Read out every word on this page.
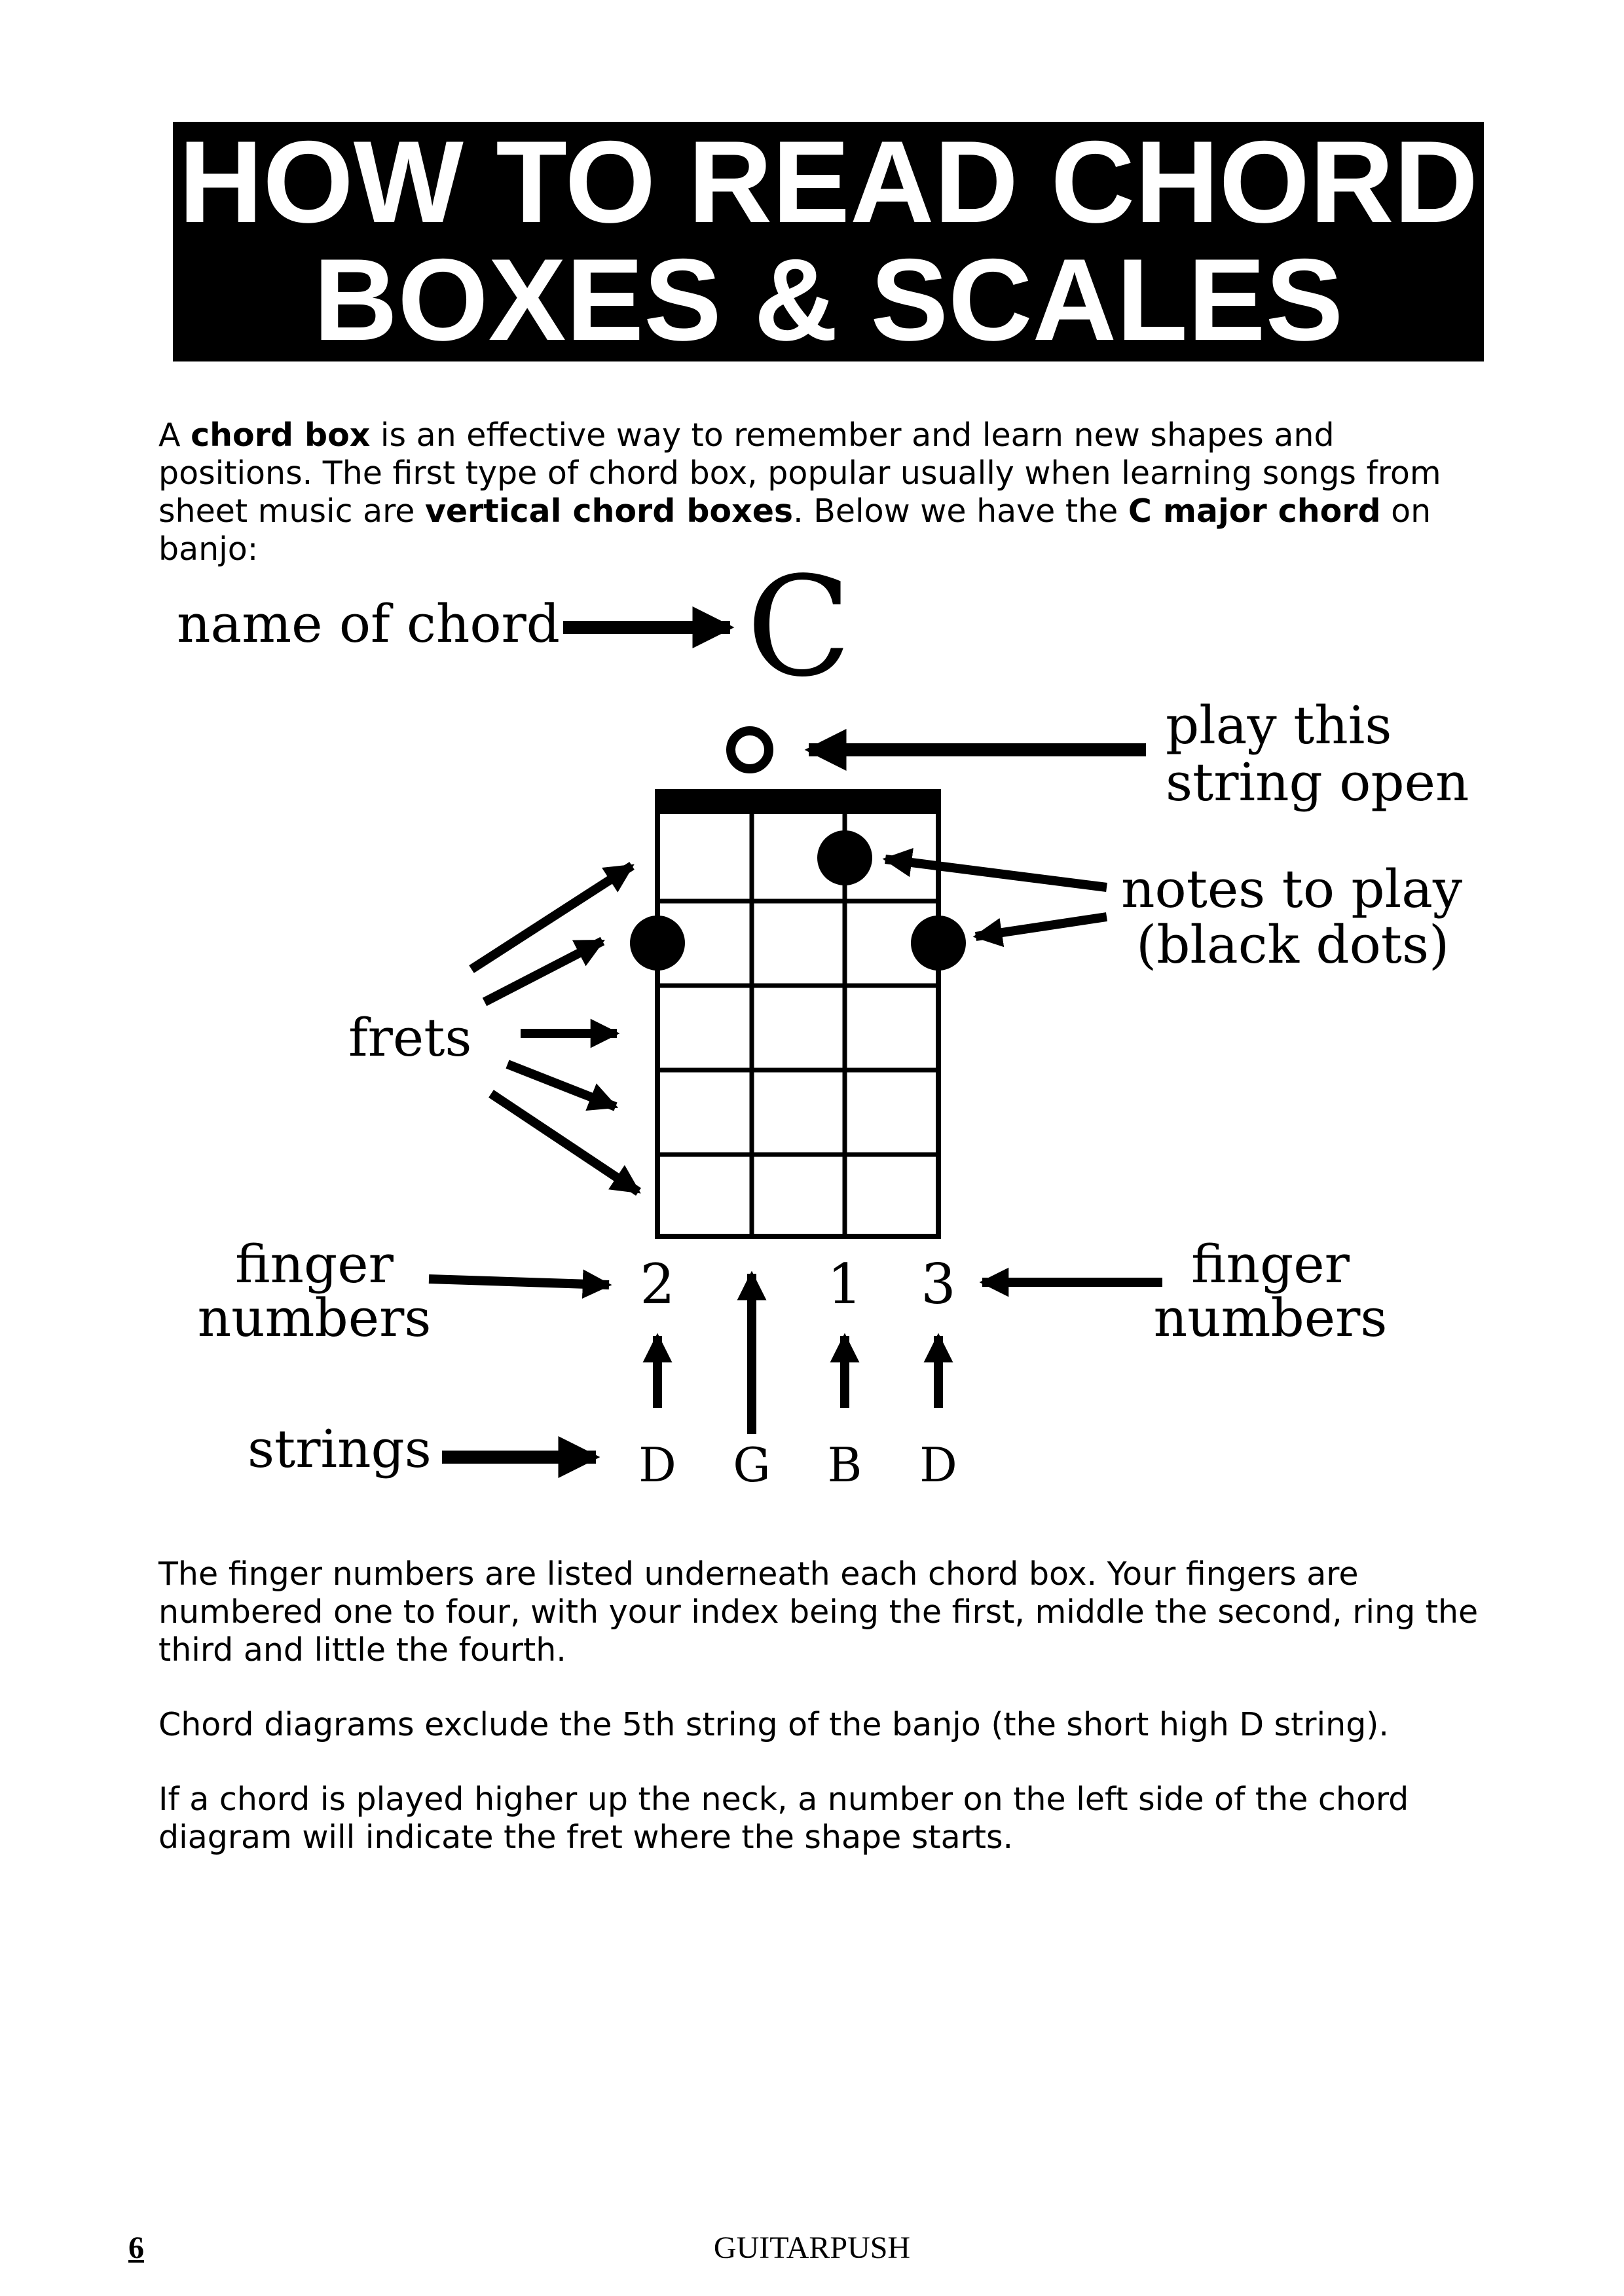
HOW TO READ CHORD
BOXES & SCALES

A chord box is an effective way to remember and learn new shapes and positions. The first type of chord box, popular usually when learning songs from sheet music are vertical chord boxes. Below we have the C major chord on banjo:	C
name of chord
play this
string open
notes to play
(black dots)
frets
finger
numbers
finger
numbers
2	1 3
strings	D G B D

The finger numbers are listed underneath each chord box. Your fingers are numbered one to four, with your index being the first, middle the second, ring the third and little the fourth.

Chord diagrams exclude the 5th string of the banjo (the short high D string).

If a chord is played higher up the neck, a number on the left side of the chord diagram will indicate the fret where the shape starts.

6	GUITARPUSH
